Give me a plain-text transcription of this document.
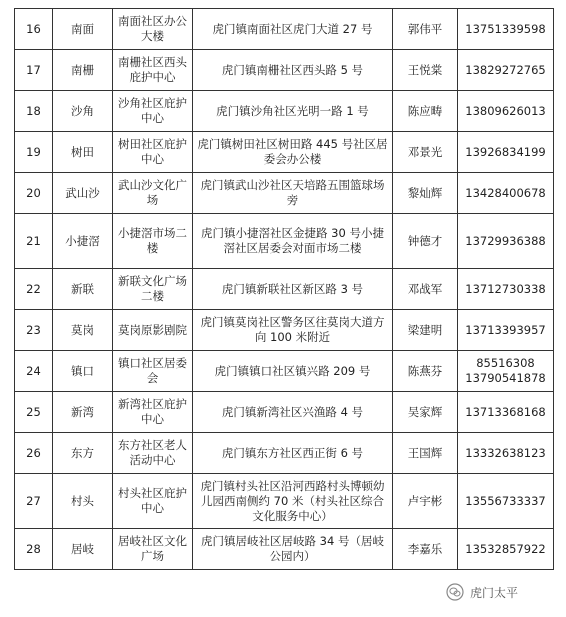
16	南面	南面社区办公大楼	虎门镇南面社区虎门大道 27 号	郭伟平	13751339598
17	南栅	南栅社区西头庇护中心	虎门镇南栅社区西头路 5 号	王悦棠	13829272765
18	沙角	沙角社区庇护中心	虎门镇沙角社区光明一路 1 号	陈应畴	13809626013
19	树田	树田社区庇护中心	虎门镇树田社区树田路 445 号社区居委会办公楼	邓景光	13926834199
20	武山沙	武山沙文化广场	虎门镇武山沙社区天培路五围篮球场旁	黎灿辉	13428400678
21	小捷滘	小捷滘市场二楼	虎门镇小捷滘社区金捷路 30 号小捷滘社区居委会对面市场二楼	钟德才	13729936388
22	新联	新联文化广场二楼	虎门镇新联社区新区路 3 号	邓战军	13712730338
23	莫岗	莫岗原影剧院	虎门镇莫岗社区警务区往莫岗大道方向 100 米附近	梁建明	13713393957
24	镇口	镇口社区居委会	虎门镇镇口社区镇兴路 209 号	陈燕芬	85516308
13790541878
25	新湾	新湾社区庇护中心	虎门镇新湾社区兴渔路 4 号	吴家辉	13713368168
26	东方	东方社区老人活动中心	虎门镇东方社区西正街 6 号	王国辉	13332638123
27	村头	村头社区庇护中心	虎门镇村头社区沿河西路村头博顿幼儿园西南侧约 70 米（村头社区综合文化服务中心）	卢宇彬	13556733337
28	居岐	居岐社区文化广场	虎门镇居岐社区居岐路 34 号（居岐公园内）	李嘉乐	13532857922
虎门太平
